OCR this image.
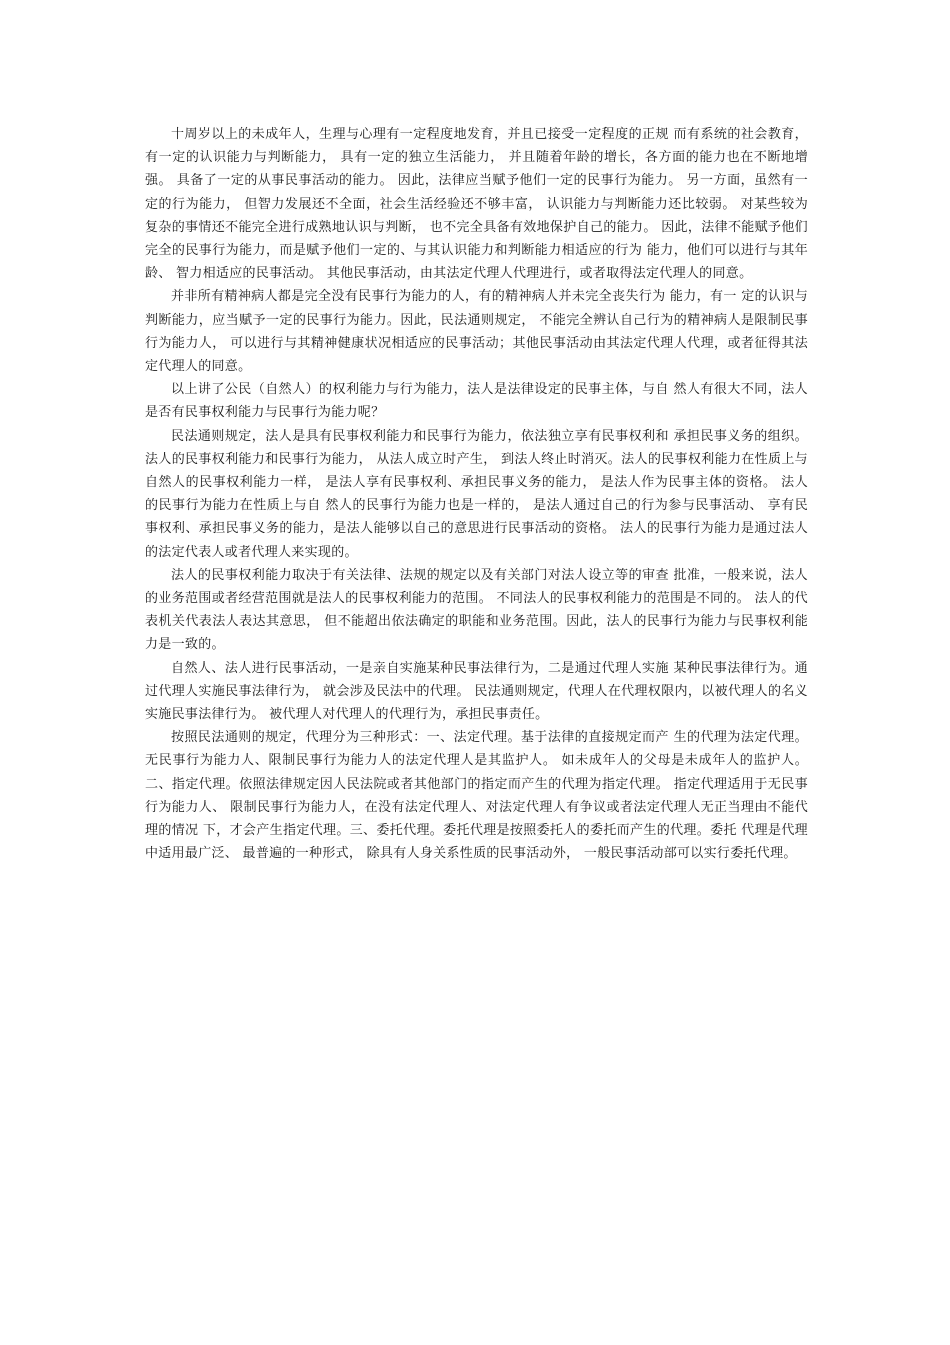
十周岁以上的未成年人，生理与心理有一定程度地发育，并且已接受一定程度的正规 而有系统的社会教育， 有一定的认识能力与判断能力， 具有一定的独立生活能力， 并且随着年龄的增长，各方面的能力也在不断地增强。 具备了一定的从事民事活动的能力。 因此，法律应当赋予他们一定的民事行为能力。 另一方面，虽然有一定的行为能力， 但智力发展还不全面，社会生活经验还不够丰富， 认识能力与判断能力还比较弱。 对某些较为复杂的事情还不能完全进行成熟地认识与判断， 也不完全具备有效地保护自己的能力。 因此，法律不能赋予他们完全的民事行为能力，而是赋予他们一定的、与其认识能力和判断能力相适应的行为 能力，他们可以进行与其年龄、 智力相适应的民事活动。 其他民事活动，由其法定代理人代理进行，或者取得法定代理人的同意。

并非所有精神病人都是完全没有民事行为能力的人，有的精神病人并未完全丧失行为 能力，有一 定的认识与判断能力，应当赋予一定的民事行为能力。因此，民法通则规定， 不能完全辨认自己行为的精神病人是限制民事行为能力人， 可以进行与其精神健康状况相适应的民事活动；其他民事活动由其法定代理人代理，或者征得其法定代理人的同意。

以上讲了公民（自然人）的权利能力与行为能力，法人是法律设定的民事主体，与自 然人有很大不同，法人是否有民事权利能力与民事行为能力呢？

民法通则规定，法人是具有民事权利能力和民事行为能力，依法独立享有民事权利和 承担民事义务的组织。 法人的民事权利能力和民事行为能力， 从法人成立时产生， 到法人终止时消灭。法人的民事权利能力在性质上与自然人的民事权利能力一样， 是法人享有民事权利、承担民事义务的能力， 是法人作为民事主体的资格。 法人的民事行为能力在性质上与自 然人的民事行为能力也是一样的， 是法人通过自己的行为参与民事活动、 享有民事权利、承担民事义务的能力，是法人能够以自己的意思进行民事活动的资格。 法人的民事行为能力是通过法人的法定代表人或者代理人来实现的。

法人的民事权利能力取决于有关法律、法规的规定以及有关部门对法人设立等的审查 批准，一般来说，法人的业务范围或者经营范围就是法人的民事权利能力的范围。 不同法人的民事权利能力的范围是不同的。 法人的代表机关代表法人表达其意思， 但不能超出依法确定的职能和业务范围。因此，法人的民事行为能力与民事权利能力是一致的。

自然人、法人进行民事活动，一是亲自实施某种民事法律行为，二是通过代理人实施 某种民事法律行为。通过代理人实施民事法律行为， 就会涉及民法中的代理。 民法通则规定，代理人在代理权限内，以被代理人的名义实施民事法律行为。 被代理人对代理人的代理行为，承担民事责任。

按照民法通则的规定，代理分为三种形式：一、法定代理。基于法律的直接规定而产 生的代理为法定代理。无民事行为能力人、限制民事行为能力人的法定代理人是其监护人。 如未成年人的父母是未成年人的监护人。 二、指定代理。依照法律规定因人民法院或者其他部门的指定而产生的代理为指定代理。 指定代理适用于无民事行为能力人、 限制民事行为能力人，在没有法定代理人、对法定代理人有争议或者法定代理人无正当理由不能代理的情况 下，才会产生指定代理。三、委托代理。委托代理是按照委托人的委托而产生的代理。委托 代理是代理中适用最广泛、 最普遍的一种形式， 除具有人身关系性质的民事活动外， 一般民事活动部可以实行委托代理。
